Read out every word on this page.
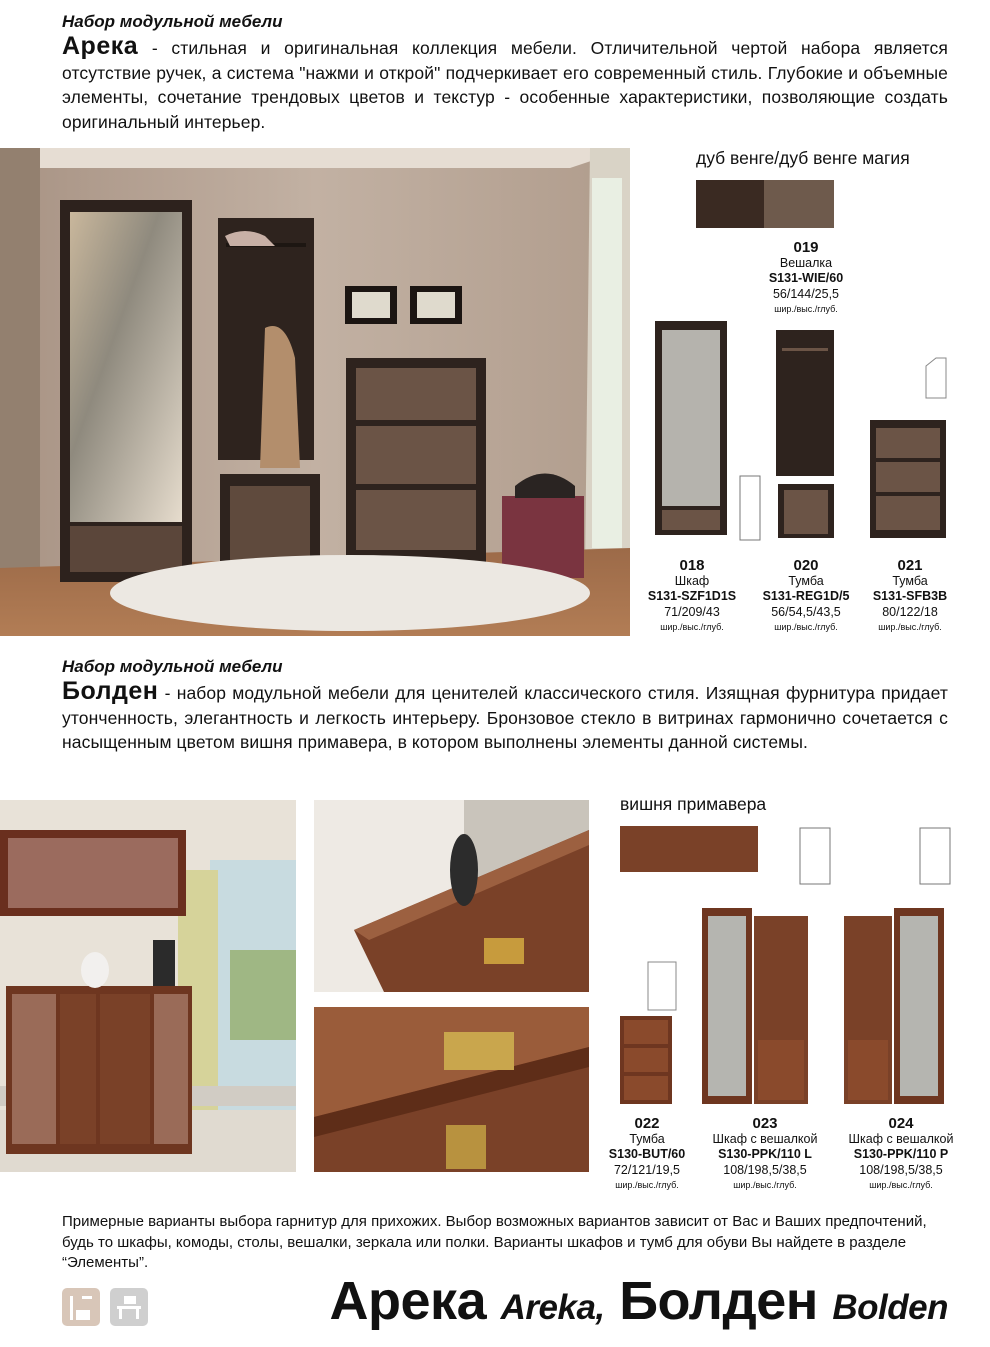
Набор модульной мебели
Арека - стильная и оригинальная коллекция мебели. Отличительной чертой набора является отсутствие ручек, а система "нажми и открой" подчеркивает его современный стиль. Глубокие и объемные элементы, сочетание трендовых цветов и текстур - особенные характеристики, позволяющие создать оригинальный интерьер.
дуб венге/дуб венге магия
019
Вешалка
S131-WIE/60
56/144/25,5
шир./выс./глуб.
018
Шкаф
S131-SZF1D1S
71/209/43
шир./выс./глуб.
020
Тумба
S131-REG1D/5
56/54,5/43,5
шир./выс./глуб.
021
Тумба
S131-SFB3B
80/122/18
шир./выс./глуб.
Набор модульной мебели
Болден - набор модульной мебели для ценителей классического стиля. Изящная фурнитура придает утонченность, элегантность и легкость интерьеру. Бронзовое стекло в витринах гармонично сочетается с насыщенным цветом вишня примавера, в котором выполнены элементы данной системы.
вишня примавера
022
Тумба
S130-BUT/60
72/121/19,5
шир./выс./глуб.
023
Шкаф с вешалкой
S130-PPK/110 L
108/198,5/38,5
шир./выс./глуб.
024
Шкаф с вешалкой
S130-PPK/110 P
108/198,5/38,5
шир./выс./глуб.
Примерные варианты выбора гарнитур для прихожих. Выбор возможных вариантов зависит от Вас и Ваших предпочтений, будь то шкафы, комоды, столы, вешалки, зеркала или полки. Варианты шкафов и тумб для обуви Вы найдете в разделе “Элементы”.
Арека Areka, Болден Bolden
